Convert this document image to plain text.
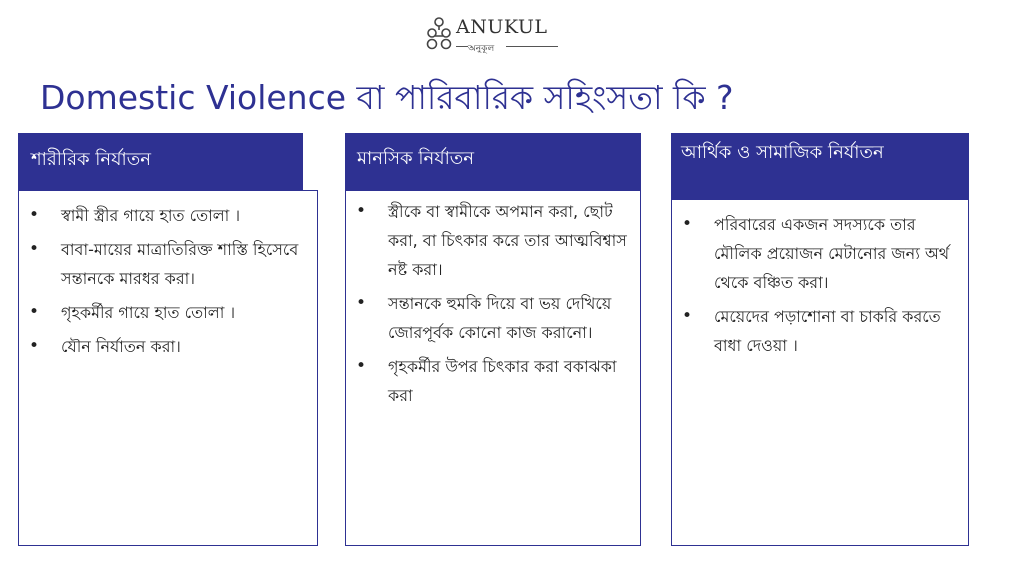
ANUKUL
অনুকূল
Domestic Violence বা পারিবারিক সহিংসতা কি ?
শারীরিক নির্যাতন
• স্বামী স্ত্রীর গায়ে হাত তোলা ।
• বাবা-মায়ের মাত্রাতিরিক্ত শাস্তি হিসেবে সন্তানকে মারধর করা।
• গৃহকর্মীর গায়ে হাত তোলা ।
• যৌন নির্যাতন করা।
মানসিক নির্যাতন
• স্ত্রীকে বা স্বামীকে অপমান করা, ছোট করা, বা চিৎকার করে তার আত্মবিশ্বাস নষ্ট করা।
• সন্তানকে হুমকি দিয়ে বা ভয় দেখিয়ে জোরপূর্বক কোনো কাজ করানো।
• গৃহকর্মীর উপর চিৎকার করা বকাঝকা করা
আর্থিক ও সামাজিক নির্যাতন
• পরিবারের একজন সদস্যকে তার মৌলিক প্রয়োজন মেটানোর জন্য অর্থ থেকে বঞ্চিত করা।
• মেয়েদের পড়াশোনা বা চাকরি করতে বাধা দেওয়া ।
